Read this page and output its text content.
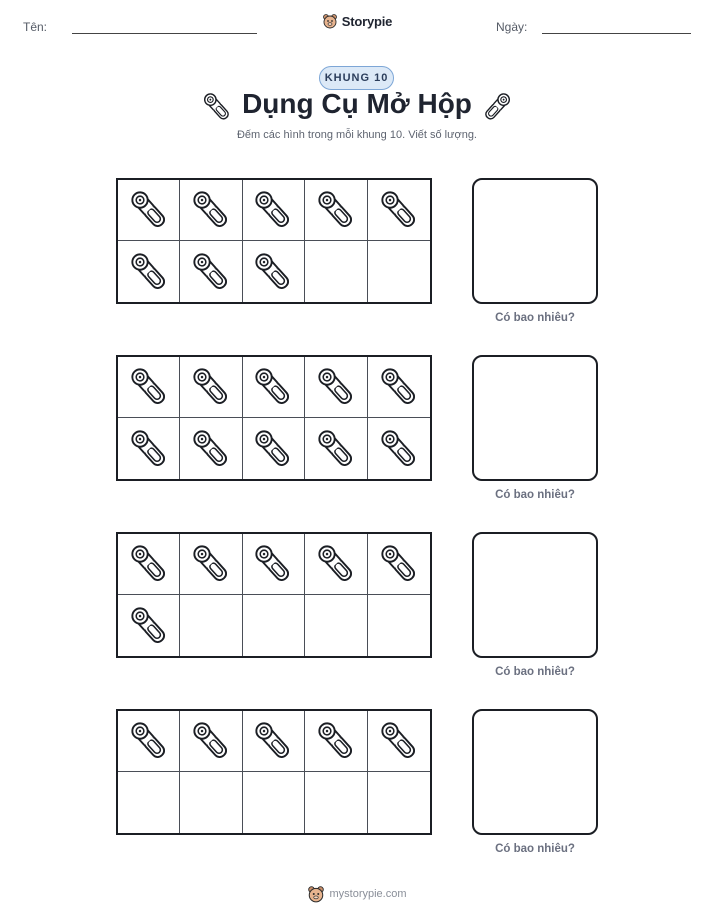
Tên:	Storypie	Ngày:
KHUNG 10
Dụng Cụ Mở Hộp
Đếm các hình trong mỗi khung 10. Viết số lượng.
Có bao nhiêu?
Có bao nhiêu?
Có bao nhiêu?
Có bao nhiêu?
mystorypie.com
